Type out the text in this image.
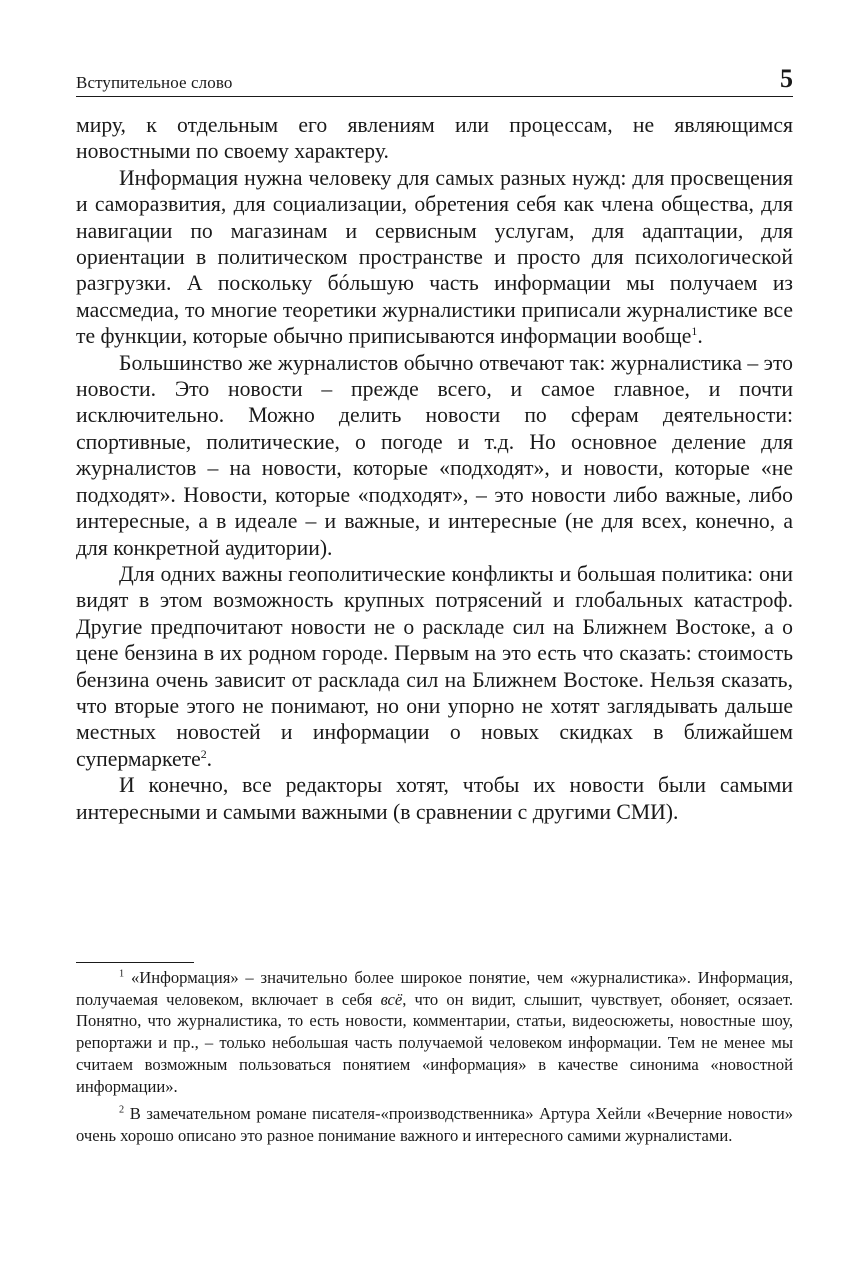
Вступительное слово	5

миру, к отдельным его явлениям или процессам, не являющимся новостными по своему характеру.

Информация нужна человеку для самых разных нужд: для просвещения и саморазвития, для социализации, обретения себя как члена общества, для навигации по магазинам и сервисным услугам, для адаптации, для ориентации в политическом пространстве и просто для психологической разгрузки. А поскольку бóльшую часть информации мы получаем из массмедиа, то многие теоретики журналистики приписали журналистике все те функции, которые обычно приписываются информации вообще$^1$.

Большинство же журналистов обычно отвечают так: журналистика – это новости. Это новости – прежде всего, и самое главное, и почти исключительно. Можно делить новости по сферам деятельности: спортивные, политические, о погоде и т.д. Но основное деление для журналистов – на новости, которые «подходят», и новости, которые «не подходят». Новости, которые «подходят», – это новости либо важные, либо интересные, а в идеале – и важные, и интересные (не для всех, конечно, а для конкретной аудитории).

Для одних важны геополитические конфликты и большая политика: они видят в этом возможность крупных потрясений и глобальных катастроф. Другие предпочитают новости не о раскладе сил на Ближнем Востоке, а о цене бензина в их родном городе. Первым на это есть что сказать: стоимость бензина очень зависит от расклада сил на Ближнем Востоке. Нельзя сказать, что вторые этого не понимают, но они упорно не хотят заглядывать дальше местных новостей и информации о новых скидках в ближайшем супермаркете$^2$.

И конечно, все редакторы хотят, чтобы их новости были самыми интересными и самыми важными (в сравнении с другими СМИ).

$^1$ «Информация» – значительно более широкое понятие, чем «журналистика». Информация, получаемая человеком, включает в себя всё, что он видит, слышит, чувствует, обоняет, осязает. Понятно, что журналистика, то есть новости, комментарии, статьи, видеосюжеты, новостные шоу, репортажи и пр., – только небольшая часть получаемой человеком информации. Тем не менее мы считаем возможным пользоваться понятием «информация» в качестве синонима «новостной информации».

$^2$ В замечательном романе писателя-«производственника» Артура Хейли «Вечерние новости» очень хорошо описано это разное понимание важного и интересного самими журналистами.
